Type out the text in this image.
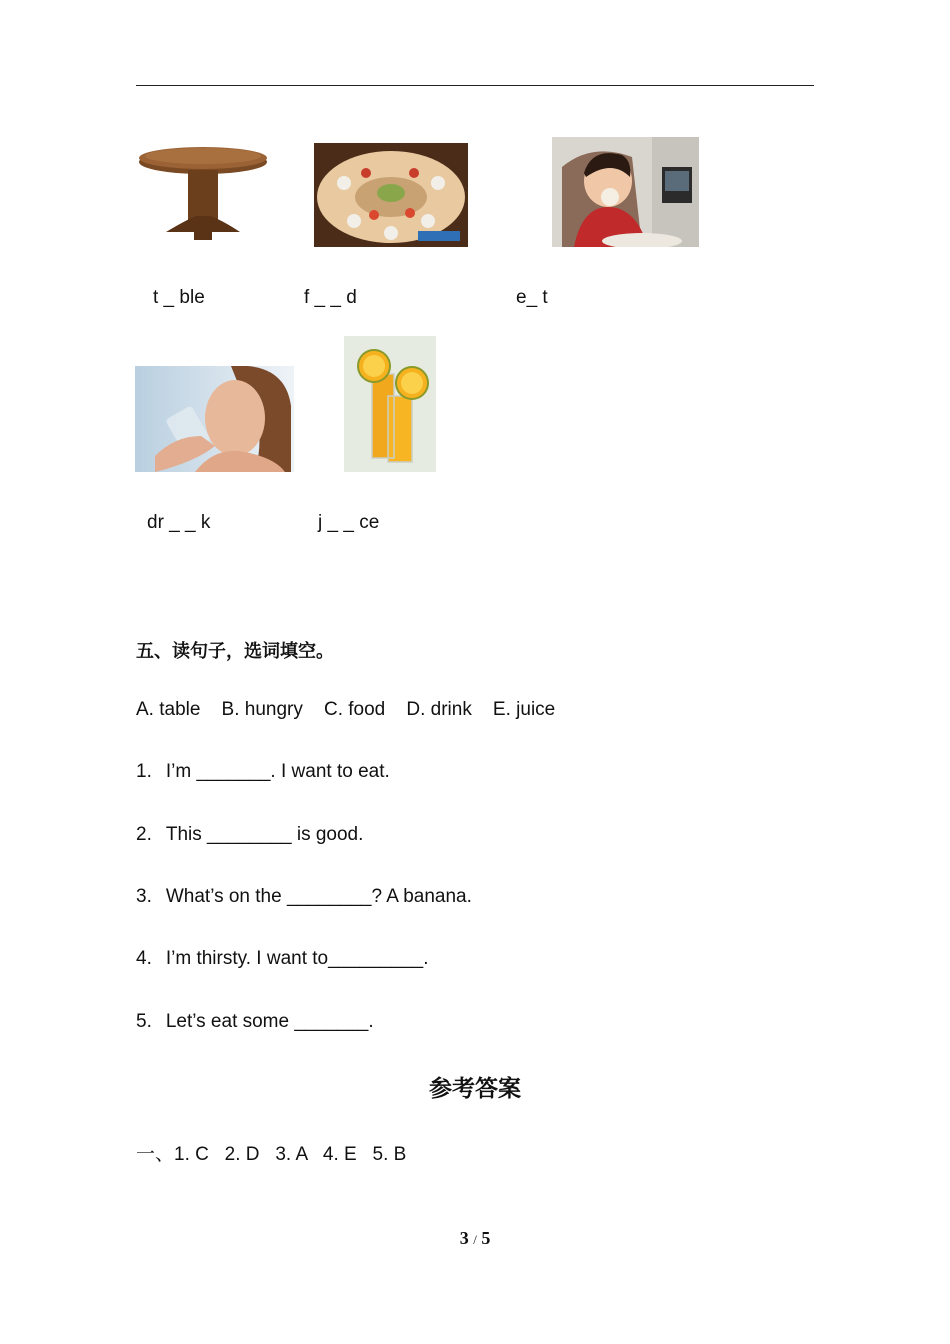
t _ ble	f _ _ d	e_ t
dr _ _ k	j _ _ ce
五、读句子，选词填空。
A. table    B. hungry    C. food    D. drink    E. juice
1. I’m _______. I want to eat.
2. This ________ is good.
3. What’s on the ________? A banana.
4. I’m thirsty. I want to_________.
5. Let’s eat some _______.
参考答案
一、1. C   2. D   3. A   4. E   5. B
3 / 5
